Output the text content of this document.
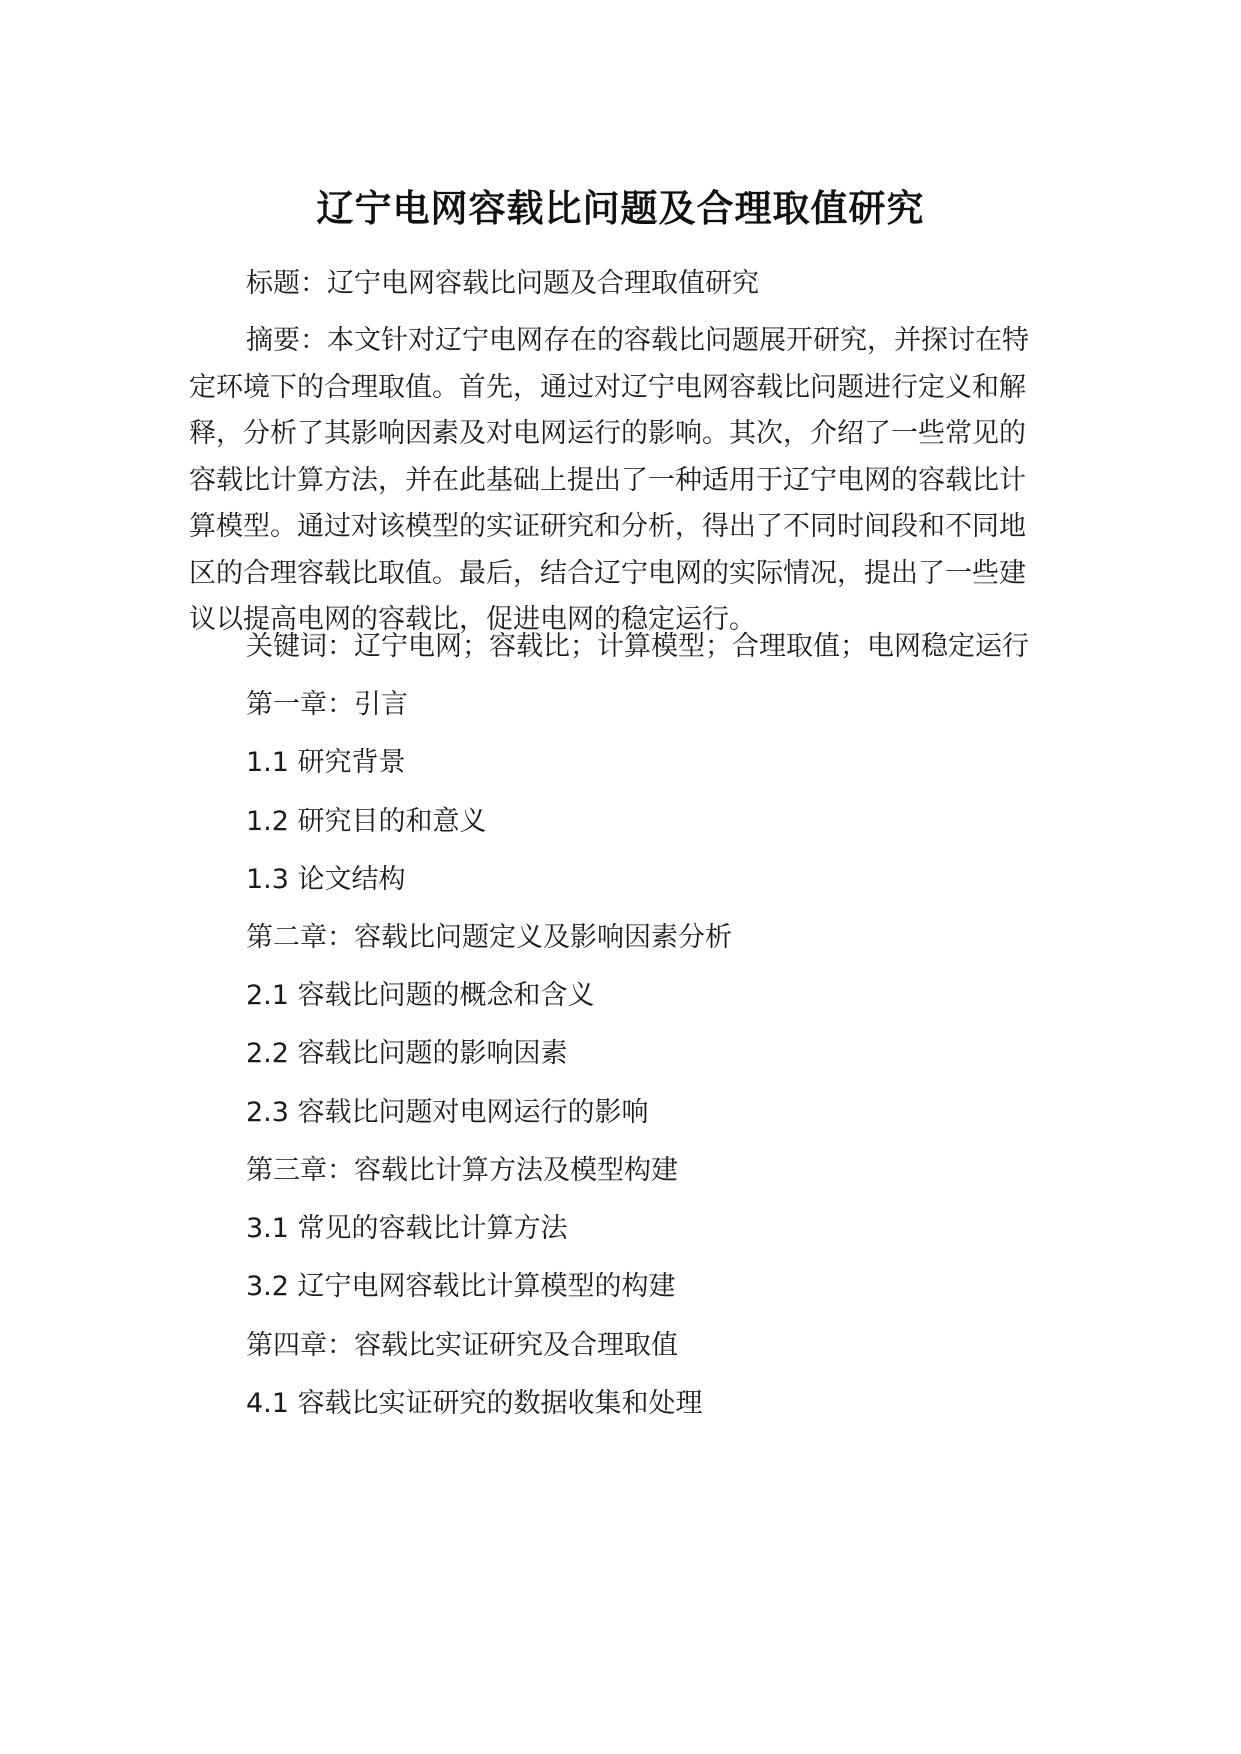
辽宁电网容载比问题及合理取值研究

标题：辽宁电网容载比问题及合理取值研究

摘要：本文针对辽宁电网存在的容载比问题展开研究，并探讨在特定环境下的合理取值。首先，通过对辽宁电网容载比问题进行定义和解释，分析了其影响因素及对电网运行的影响。其次，介绍了一些常见的容载比计算方法，并在此基础上提出了一种适用于辽宁电网的容载比计算模型。通过对该模型的实证研究和分析，得出了不同时间段和不同地区的合理容载比取值。最后，结合辽宁电网的实际情况，提出了一些建议以提高电网的容载比，促进电网的稳定运行。

关键词：辽宁电网；容载比；计算模型；合理取值；电网稳定运行

第一章：引言

1.1 研究背景

1.2 研究目的和意义

1.3 论文结构

第二章：容载比问题定义及影响因素分析

2.1 容载比问题的概念和含义

2.2 容载比问题的影响因素

2.3 容载比问题对电网运行的影响

第三章：容载比计算方法及模型构建

3.1 常见的容载比计算方法

3.2 辽宁电网容载比计算模型的构建

第四章：容载比实证研究及合理取值

4.1 容载比实证研究的数据收集和处理
